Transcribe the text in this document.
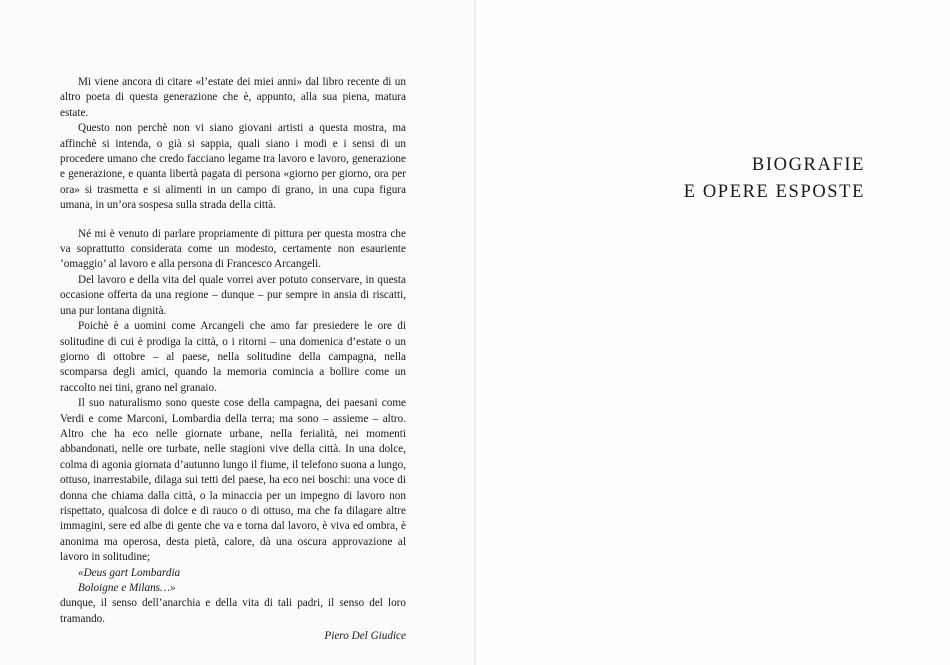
Mi viene ancora di citare «l’estate dei miei anni» dal libro recente di un altro poeta di questa generazione che è, appunto, alla sua piena, matura estate.

Questo non perchè non vi siano giovani artisti a questa mostra, ma affinchè si intenda, o già si sappia, quali siano i modi e i sensi di un procedere umano che credo facciano legame tra lavoro e lavoro, generazione e generazione, e quanta libertà pagata di persona «giorno per giorno, ora per ora» si trasmetta e si alimenti in un campo di grano, in una cupa figura umana, in un’ora sospesa sulla strada della città.

Né mi è venuto di parlare propriamente di pittura per questa mostra che va soprattutto considerata come un modesto, certamente non esauriente ’omaggio’ al lavoro e alla persona di Francesco Arcangeli.

Del lavoro e della vita del quale vorrei aver potuto conservare, in questa occasione offerta da una regione – dunque – pur sempre in ansia di riscatti, una pur lontana dignità.

Poichè è a uomini come Arcangeli che amo far presiedere le ore di solitudine di cui è prodiga la città, o i ritorni – una domenica d’estate o un giorno di ottobre – al paese, nella solitudine della campagna, nella scomparsa degli amici, quando la memoria comincia a bollire come un raccolto nei tini, grano nel granaio.

Il suo naturalismo sono queste cose della campagna, dei paesani come Verdi e come Marconi, Lombardia della terra; ma sono – assieme – altro. Altro che ha eco nelle giornate urbane, nella ferialità, nei momenti abbandonati, nelle ore turbate, nelle stagioni vive della città. In una dolce, colma di agonia giornata d’autunno lungo il fiume, il telefono suona a lungo, ottuso, inarrestabile, dilaga sui tetti del paese, ha eco nei boschi: una voce di donna che chiama dalla città, o la minaccia per un impegno di lavoro non rispettato, qualcosa di dolce e di rauco o di ottuso, ma che fa dilagare altre immagini, sere ed albe di gente che va e torna dal lavoro, è viva ed ombra, è anonima ma operosa, desta pietà, calore, dà una oscura approvazione al lavoro in solitudine;

«Deus gart Lombardia
Boloigne e Milans…»

dunque, il senso dell’anarchia e della vita di tali padri, il senso del loro tramando.

Piero Del Giudice
BIOGRAFIE
E OPERE ESPOSTE
